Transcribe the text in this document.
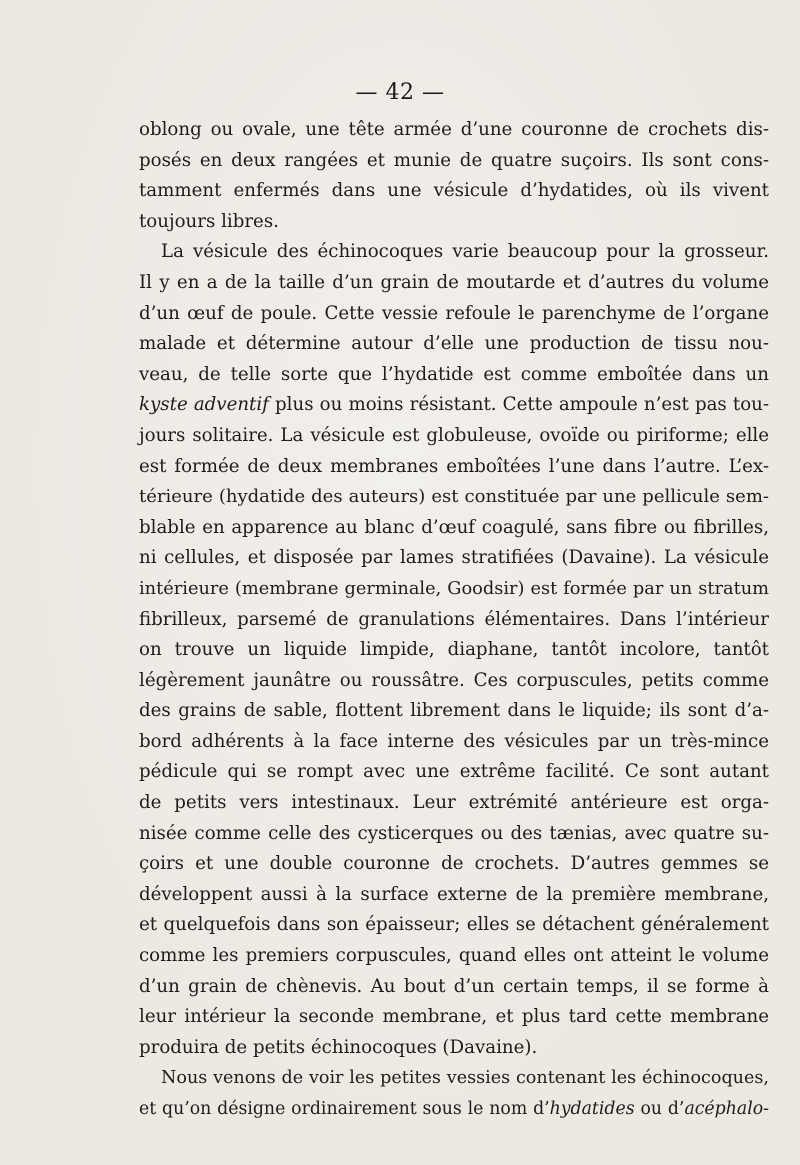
— 42 —
oblong ou ovale, une tête armée d’une couronne de crochets dis-
posés en deux rangées et munie de quatre suçoirs. Ils sont cons-
tamment enfermés dans une vésicule d’hydatides, où ils vivent
toujours libres.
La vésicule des échinocoques varie beaucoup pour la grosseur.
Il y en a de la taille d’un grain de moutarde et d’autres du volume
d’un œuf de poule. Cette vessie refoule le parenchyme de l’organe
malade et détermine autour d’elle une production de tissu nou-
veau, de telle sorte que l’hydatide est comme emboîtée dans un
kyste adventif plus ou moins résistant. Cette ampoule n’est pas tou-
jours solitaire. La vésicule est globuleuse, ovoïde ou piriforme; elle
est formée de deux membranes emboîtées l’une dans l’autre. L’ex-
térieure (hydatide des auteurs) est constituée par une pellicule sem-
blable en apparence au blanc d’œuf coagulé, sans fibre ou fibrilles,
ni cellules, et disposée par lames stratifiées (Davaine). La vésicule
intérieure (membrane germinale, Goodsir) est formée par un stratum
fibrilleux, parsemé de granulations élémentaires. Dans l’intérieur
on trouve un liquide limpide, diaphane, tantôt incolore, tantôt
légèrement jaunâtre ou roussâtre. Ces corpuscules, petits comme
des grains de sable, flottent librement dans le liquide; ils sont d’a-
bord adhérents à la face interne des vésicules par un très-mince
pédicule qui se rompt avec une extrême facilité. Ce sont autant
de petits vers intestinaux. Leur extrémité antérieure est orga-
nisée comme celle des cysticerques ou des tænias, avec quatre su-
çoirs et une double couronne de crochets. D’autres gemmes se
développent aussi à la surface externe de la première membrane,
et quelquefois dans son épaisseur; elles se détachent généralement
comme les premiers corpuscules, quand elles ont atteint le volume
d’un grain de chènevis. Au bout d’un certain temps, il se forme à
leur intérieur la seconde membrane, et plus tard cette membrane
produira de petits échinocoques (Davaine).
Nous venons de voir les petites vessies contenant les échinocoques,
et qu’on désigne ordinairement sous le nom d’hydatides ou d’acéphalo-
